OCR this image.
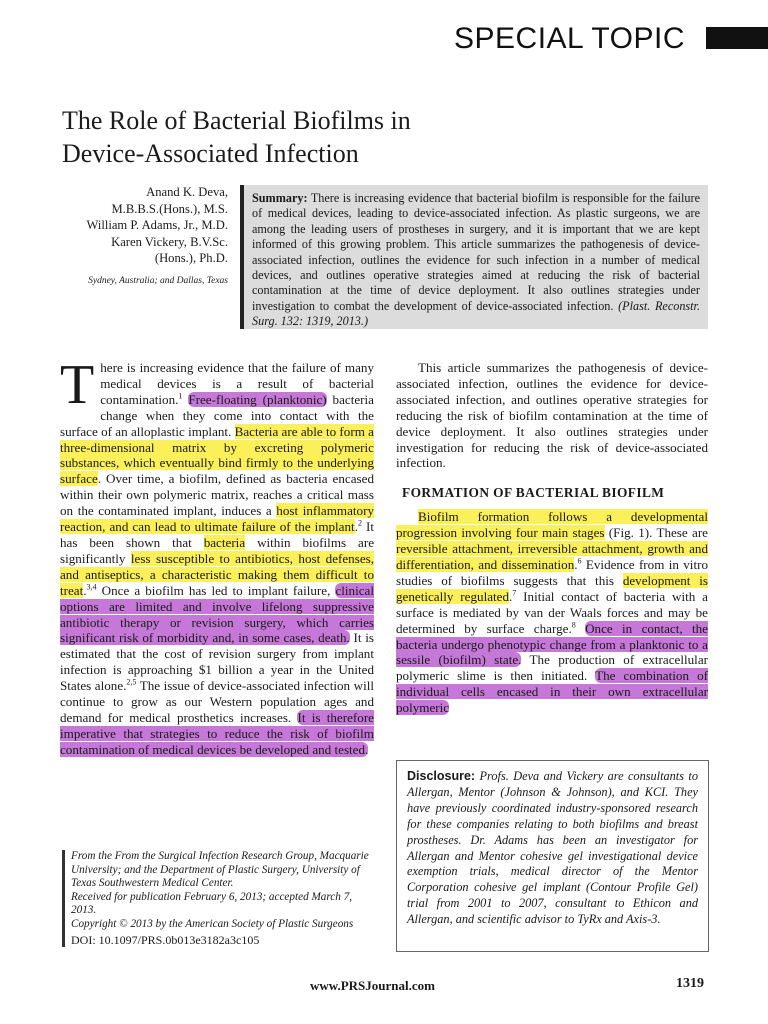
SPECIAL TOPIC
The Role of Bacterial Biofilms in
Device-Associated Infection
Anand K. Deva,
M.B.B.S.(Hons.), M.S.
William P. Adams, Jr., M.D.
Karen Vickery, B.V.Sc.
(Hons.), Ph.D.
Sydney, Australia; and Dallas, Texas
Summary: There is increasing evidence that bacterial biofilm is responsible for the failure of medical devices, leading to device-associated infection. As plastic surgeons, we are among the leading users of prostheses in surgery, and it is important that we are kept informed of this growing problem. This article summarizes the pathogenesis of device-associated infection, outlines the evidence for such infection in a number of medical devices, and outlines operative strategies aimed at reducing the risk of bacterial contamination at the time of device deployment. It also outlines strategies under investigation to combat the development of device-associated infection. (Plast. Reconstr. Surg. 132: 1319, 2013.)
There is increasing evidence that the failure of many medical devices is a result of bacterial contamination.$^1$ Free-floating (planktonic) bacteria change when they come into contact with the surface of an alloplastic implant. Bacteria are able to form a three-dimensional matrix by excreting polymeric substances, which eventually bind firmly to the underlying surface. Over time, a biofilm, defined as bacteria encased within their own polymeric matrix, reaches a critical mass on the contaminated implant, induces a host inflammatory reaction, and can lead to ultimate failure of the implant.$^2$ It has been shown that bacteria within biofilms are significantly less susceptible to antibiotics, host defenses, and antiseptics, a characteristic making them difficult to treat.$^{3,4}$ Once a biofilm has led to implant failure, clinical options are limited and involve lifelong suppressive antibiotic therapy or revision surgery, which carries significant risk of morbidity and, in some cases, death. It is estimated that the cost of revision surgery from implant infection is approaching $1 billion a year in the United States alone.$^{2,5}$ The issue of device-associated infection will continue to grow as our Western population ages and demand for medical prosthetics increases. It is therefore imperative that strategies to reduce the risk of biofilm contamination of medical devices be developed and tested.

This article summarizes the pathogenesis of device-associated infection, outlines the evidence for device-associated infection, and outlines operative strategies for reducing the risk of biofilm contamination at the time of device deployment. It also outlines strategies under investigation for reducing the risk of device-associated infection.

FORMATION OF BACTERIAL BIOFILM

Biofilm formation follows a developmental progression involving four main stages (Fig. 1). These are reversible attachment, irreversible attachment, growth and differentiation, and dissemination.$^6$ Evidence from in vitro studies of biofilms suggests that this development is genetically regulated.$^7$ Initial contact of bacteria with a surface is mediated by van der Waals forces and may be determined by surface charge.$^8$ Once in contact, the bacteria undergo phenotypic change from a planktonic to a sessile (biofilm) state. The production of extracellular polymeric slime is then initiated. The combination of individual cells encased in their own extracellular polymeric

Disclosure: Profs. Deva and Vickery are consultants to Allergan, Mentor (Johnson & Johnson), and KCI. They have previously coordinated industry-sponsored research for these companies relating to both biofilms and breast prostheses. Dr. Adams has been an investigator for Allergan and Mentor cohesive gel investigational device exemption trials, medical director of the Mentor Corporation cohesive gel implant (Contour Profile Gel) trial from 2001 to 2007, consultant to Ethicon and Allergan, and scientific advisor to TyRx and Axis-3.
From the From the Surgical Infection Research Group, Macquarie University; and the Department of Plastic Surgery, University of Texas Southwestern Medical Center.
Received for publication February 6, 2013; accepted March 7, 2013.
Copyright © 2013 by the American Society of Plastic Surgeons
DOI: 10.1097/PRS.0b013e3182a3c105
www.PRSJournal.com	1319
